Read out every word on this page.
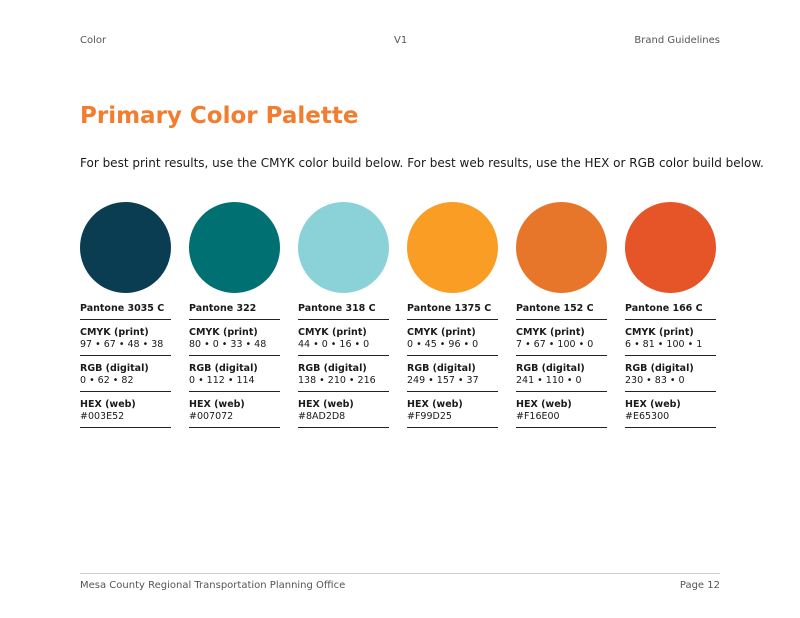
Color	V1	Brand Guidelines
Primary Color Palette
For best print results, use the CMYK color build below. For best web results, use the HEX or RGB color build below.
Pantone 3035 C
CMYK (print)
97 • 67 • 48 • 38
RGB (digital)
0 • 62 • 82
HEX (web)
#003E52
Pantone 322
CMYK (print)
80 • 0 • 33 • 48
RGB (digital)
0 • 112 • 114
HEX (web)
#007072
Pantone 318 C
CMYK (print)
44 • 0 • 16 • 0
RGB (digital)
138 • 210 • 216
HEX (web)
#8AD2D8
Pantone 1375 C
CMYK (print)
0 • 45 • 96 • 0
RGB (digital)
249 • 157 • 37
HEX (web)
#F99D25
Pantone 152 C
CMYK (print)
7 • 67 • 100 • 0
RGB (digital)
241 • 110 • 0
HEX (web)
#F16E00
Pantone 166 C
CMYK (print)
6 • 81 • 100 • 1
RGB (digital)
230 • 83 • 0
HEX (web)
#E65300
Mesa County Regional Transportation Planning Office	Page 12
